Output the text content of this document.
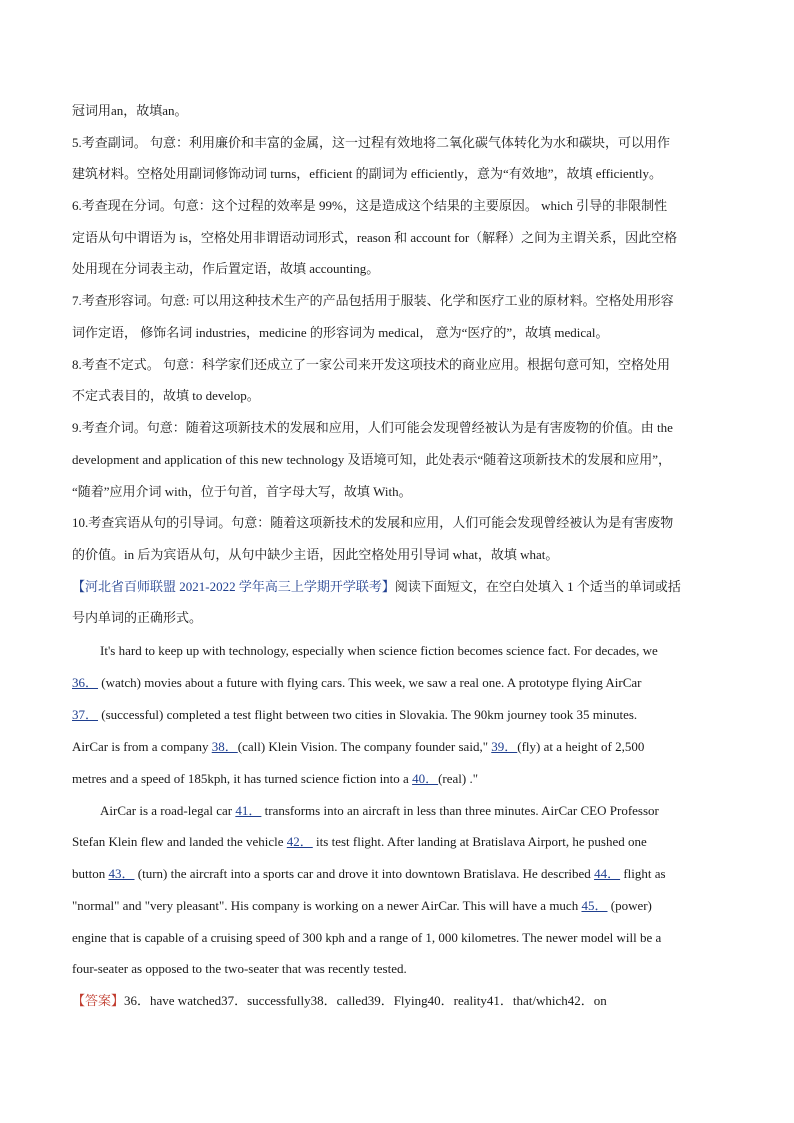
冠词用an，故填an。
5.考查副词。 句意：利用廉价和丰富的金属，这一过程有效地将二氧化碳气体转化为水和碳块，可以用作
建筑材料。空格处用副词修饰动词 turns，efficient 的副词为 efficiently，意为“有效地”，故填 efficiently。
6.考查现在分词。句意：这个过程的效率是 99%，这是造成这个结果的主要原因。 which 引导的非限制性
定语从句中谓语为 is，空格处用非谓语动词形式，reason 和 account for（解释）之间为主谓关系，因此空格
处用现在分词表主动，作后置定语，故填 accounting。
7.考查形容词。句意: 可以用这种技术生产的产品包括用于服装、化学和医疗工业的原材料。空格处用形容
词作定语， 修饰名词 industries，medicine 的形容词为 medical， 意为“医疗的”，故填 medical。
8.考查不定式。 句意：科学家们还成立了一家公司来开发这项技术的商业应用。根据句意可知，空格处用
不定式表目的，故填 to develop。
9.考查介词。句意：随着这项新技术的发展和应用，人们可能会发现曾经被认为是有害废物的价值。由 the
development and application of this new technology 及语境可知，此处表示“随着这项新技术的发展和应用”，
“随着”应用介词 with，位于句首，首字母大写，故填 With。
10.考查宾语从句的引导词。句意：随着这项新技术的发展和应用，人们可能会发现曾经被认为是有害废物
的价值。in 后为宾语从句，从句中缺少主语，因此空格处用引导词 what，故填 what。
【河北省百师联盟 2021-2022 学年高三上学期开学联考】阅读下面短文，在空白处填入 1 个适当的单词或括
号内单词的正确形式。
It's hard to keep up with technology, especially when science fiction becomes science fact. For decades, we
36． (watch) movies about a future with flying cars. This week, we saw a real one. A prototype flying AirCar
37． (successful) completed a test flight between two cities in Slovakia. The 90km journey took 35 minutes.
AirCar is from a company 38．(call) Klein Vision. The company founder said," 39．(fly) at a height of 2,500
metres and a speed of 185kph, it has turned science fiction into a 40．(real) ."
AirCar is a road-legal car 41． transforms into an aircraft in less than three minutes. AirCar CEO Professor
Stefan Klein flew and landed the vehicle 42． its test flight. After landing at Bratislava Airport, he pushed one
button 43． (turn) the aircraft into a sports car and drove it into downtown Bratislava. He described 44． flight as
"normal" and "very pleasant". His company is working on a newer AirCar. This will have a much 45． (power)
engine that is capable of a cruising speed of 300 kph and a range of 1, 000 kilometres. The newer model will be a
four-seater as opposed to the two-seater that was recently tested.
【答案】36．have watched37．successfully38．called39．Flying40．reality41．that/which42．on
